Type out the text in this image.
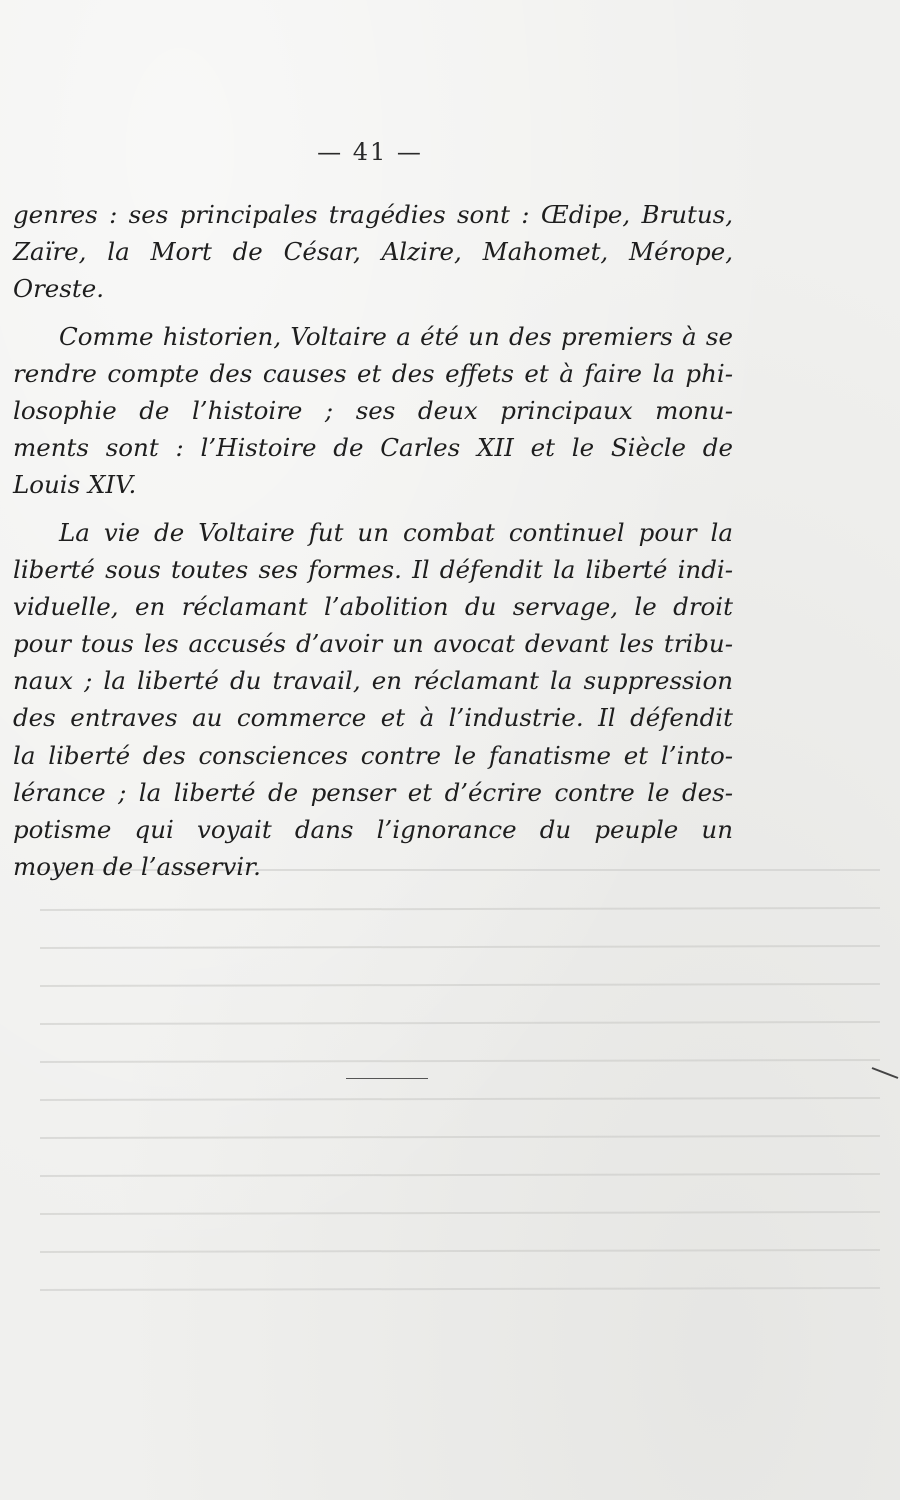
— 41 —
genres : ses principales tragédies sont : Œdipe, Brutus,
Zaïre, la Mort de César, Alzire, Mahomet, Mérope,
Oreste.
Comme historien, Voltaire a été un des premiers à se
rendre compte des causes et des effets et à faire la phi-
losophie de l’histoire ; ses deux principaux monu-
ments sont : l’Histoire de Carles XII et le Siècle de
Louis XIV.
La vie de Voltaire fut un combat continuel pour la
liberté sous toutes ses formes. Il défendit la liberté indi-
viduelle, en réclamant l’abolition du servage, le droit
pour tous les accusés d’avoir un avocat devant les tribu-
naux ; la liberté du travail, en réclamant la suppression
des entraves au commerce et à l’industrie. Il défendit
la liberté des consciences contre le fanatisme et l’into-
lérance ; la liberté de penser et d’écrire contre le des-
potisme qui voyait dans l’ignorance du peuple un
moyen de l’asservir.
